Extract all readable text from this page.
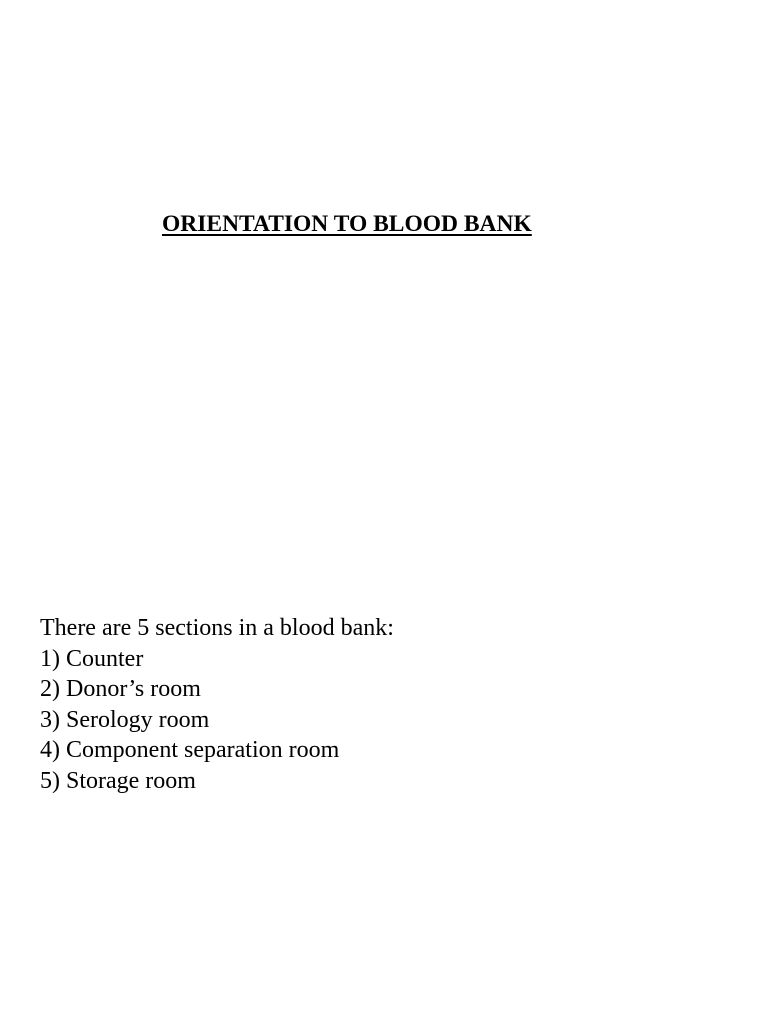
ORIENTATION TO BLOOD BANK

There are 5 sections in a blood bank:

1) Counter
2) Donor’s room
3) Serology room
4) Component separation room
5) Storage room
